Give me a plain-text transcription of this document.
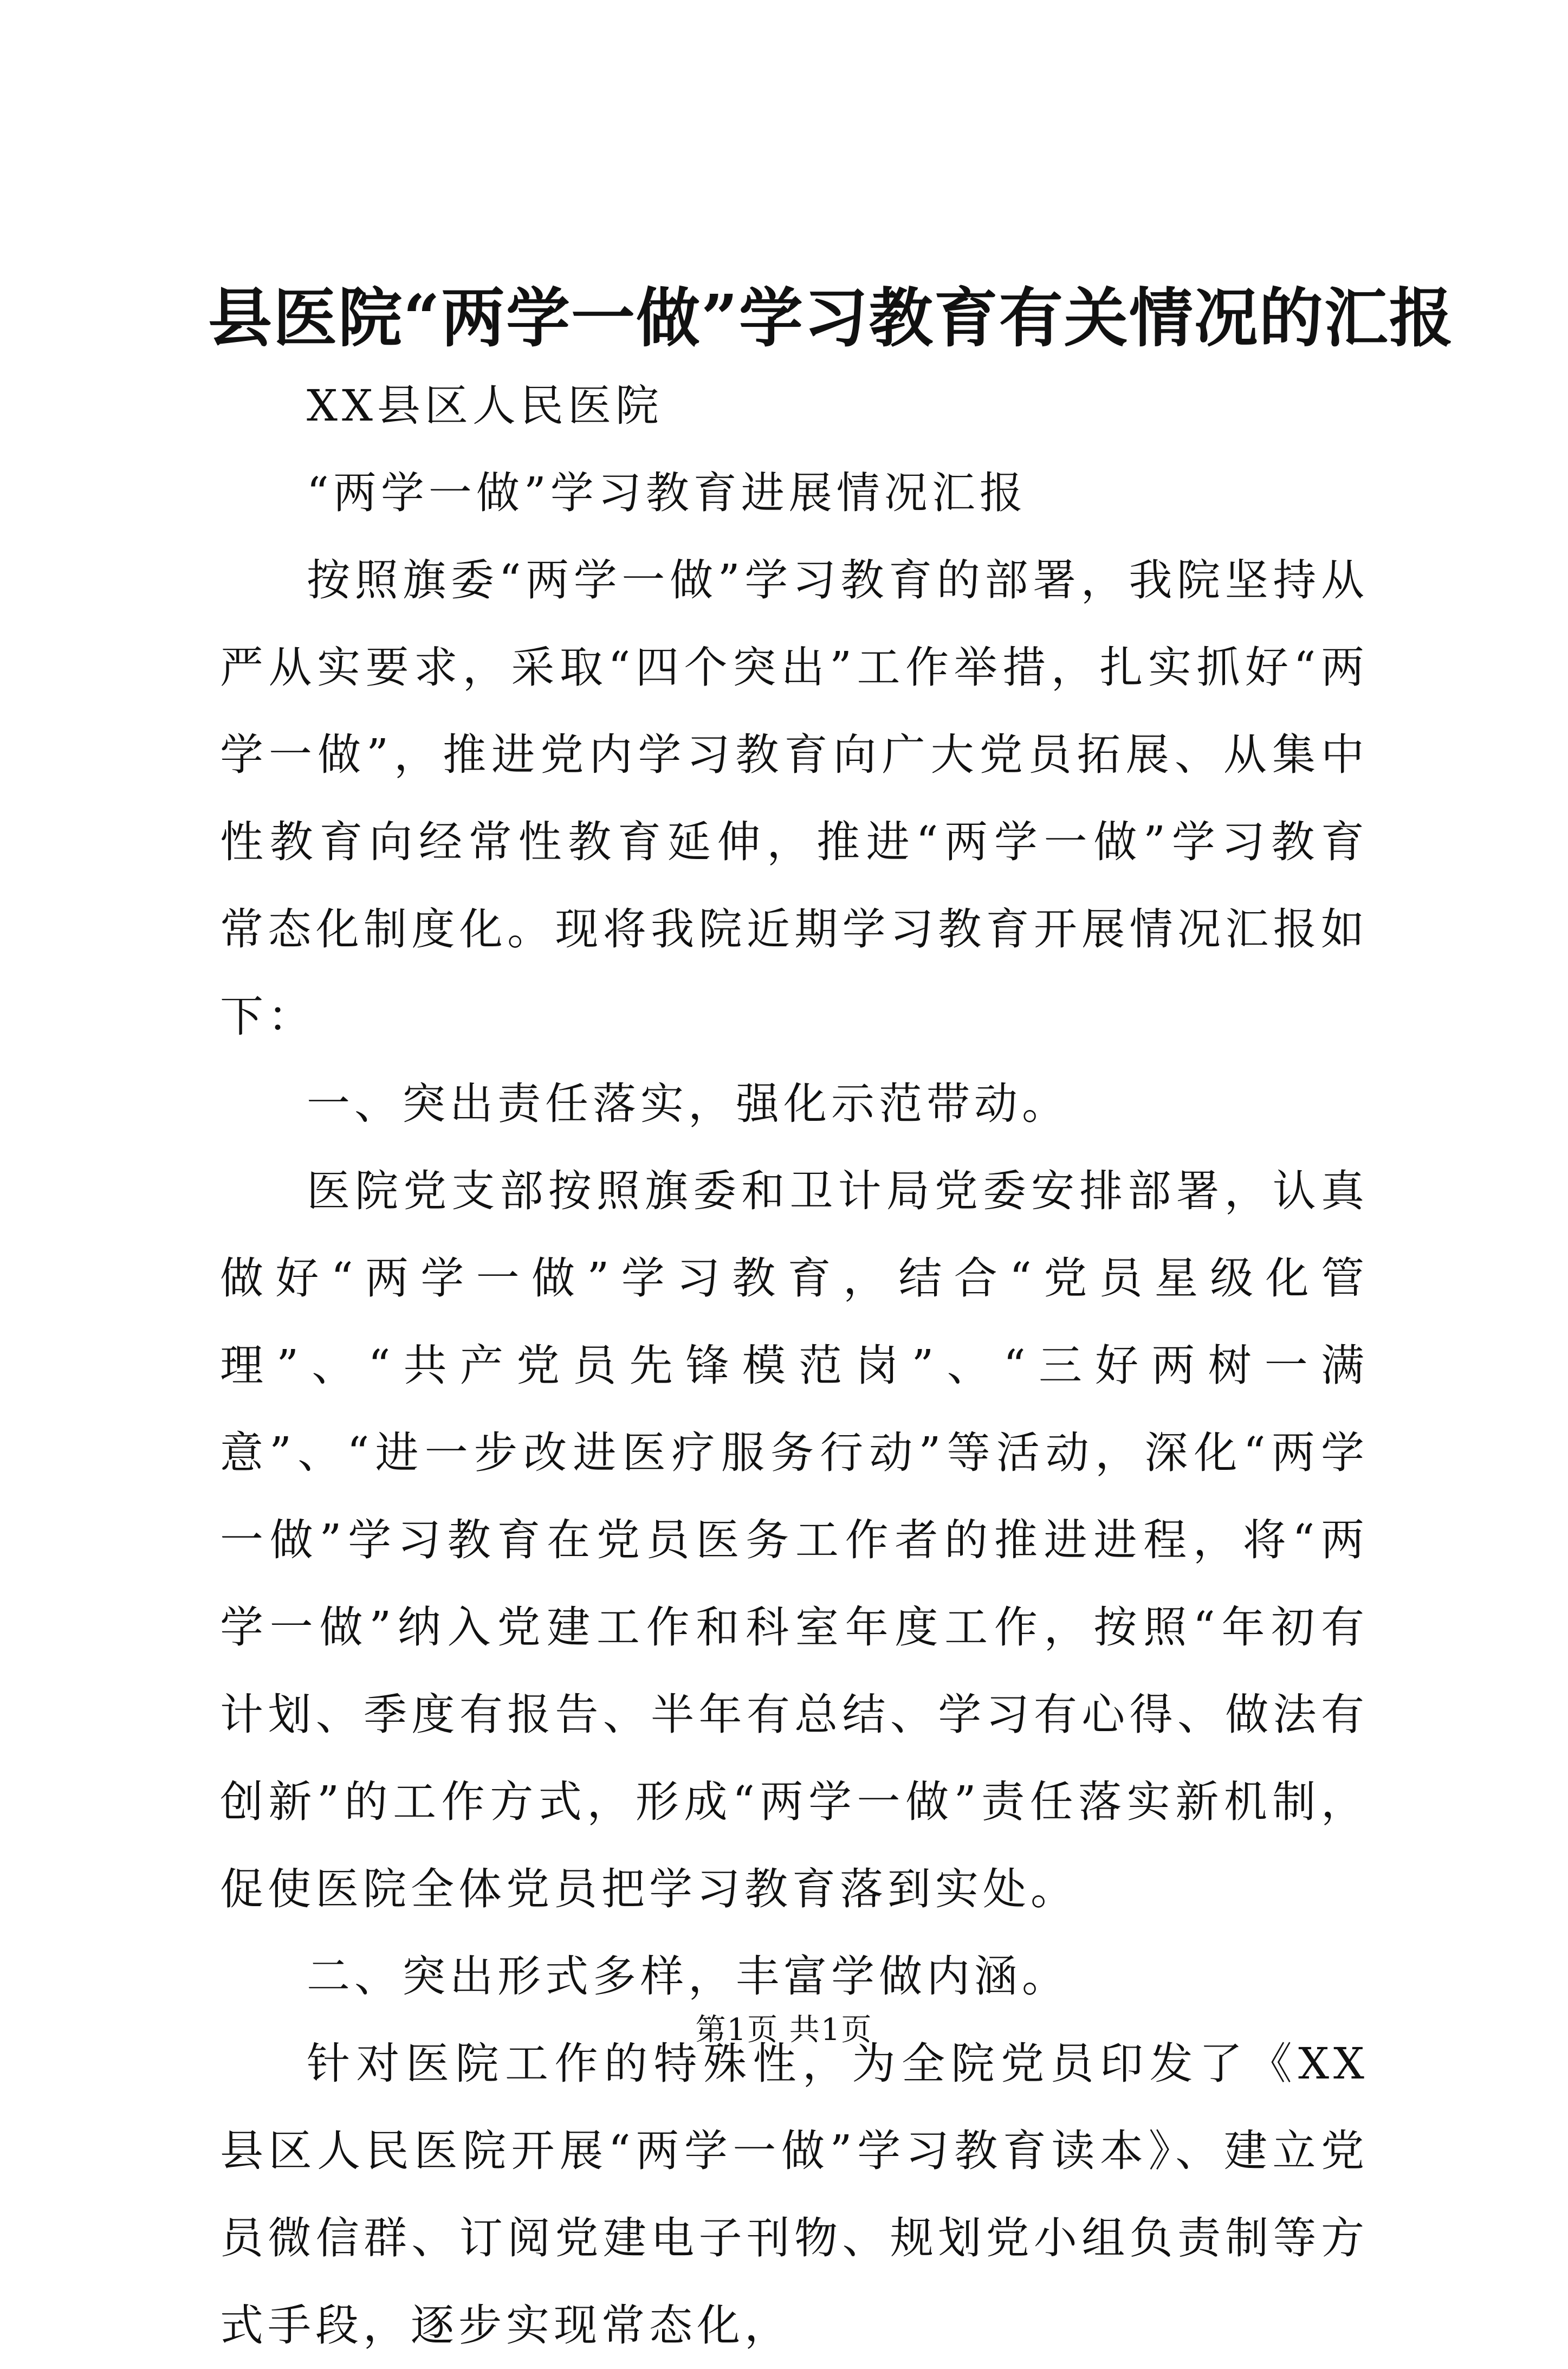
县医院“两学一做”学习教育有关情况的汇报

XX县区人民医院

“两学一做”学习教育进展情况汇报

按照旗委“两学一做”学习教育的部署，我院坚持从严从实要求，采取“四个突出”工作举措，扎实抓好“两学一做”，推进党内学习教育向广大党员拓展、从集中性教育向经常性教育延伸，推进“两学一做”学习教育常态化制度化。现将我院近期学习教育开展情况汇报如下：

一、突出责任落实，强化示范带动。

医院党支部按照旗委和卫计局党委安排部署，认真做好“两学一做”学习教育，结合“党员星级化管理”、“共产党员先锋模范岗”、“三好两树一满意”、“进一步改进医疗服务行动”等活动，深化“两学一做”学习教育在党员医务工作者的推进进程，将“两学一做”纳入党建工作和科室年度工作，按照“年初有计划、季度有报告、半年有总结、学习有心得、做法有创新”的工作方式，形成“两学一做”责任落实新机制，促使医院全体党员把学习教育落到实处。

二、突出形式多样，丰富学做内涵。

针对医院工作的特殊性，为全院党员印发了《XX县区人民医院开展“两学一做”学习教育读本》、建立党员微信群、订阅党建电子刊物、规划党小组负责制等方式手段，逐步实现常态化，

第1页 共1页
